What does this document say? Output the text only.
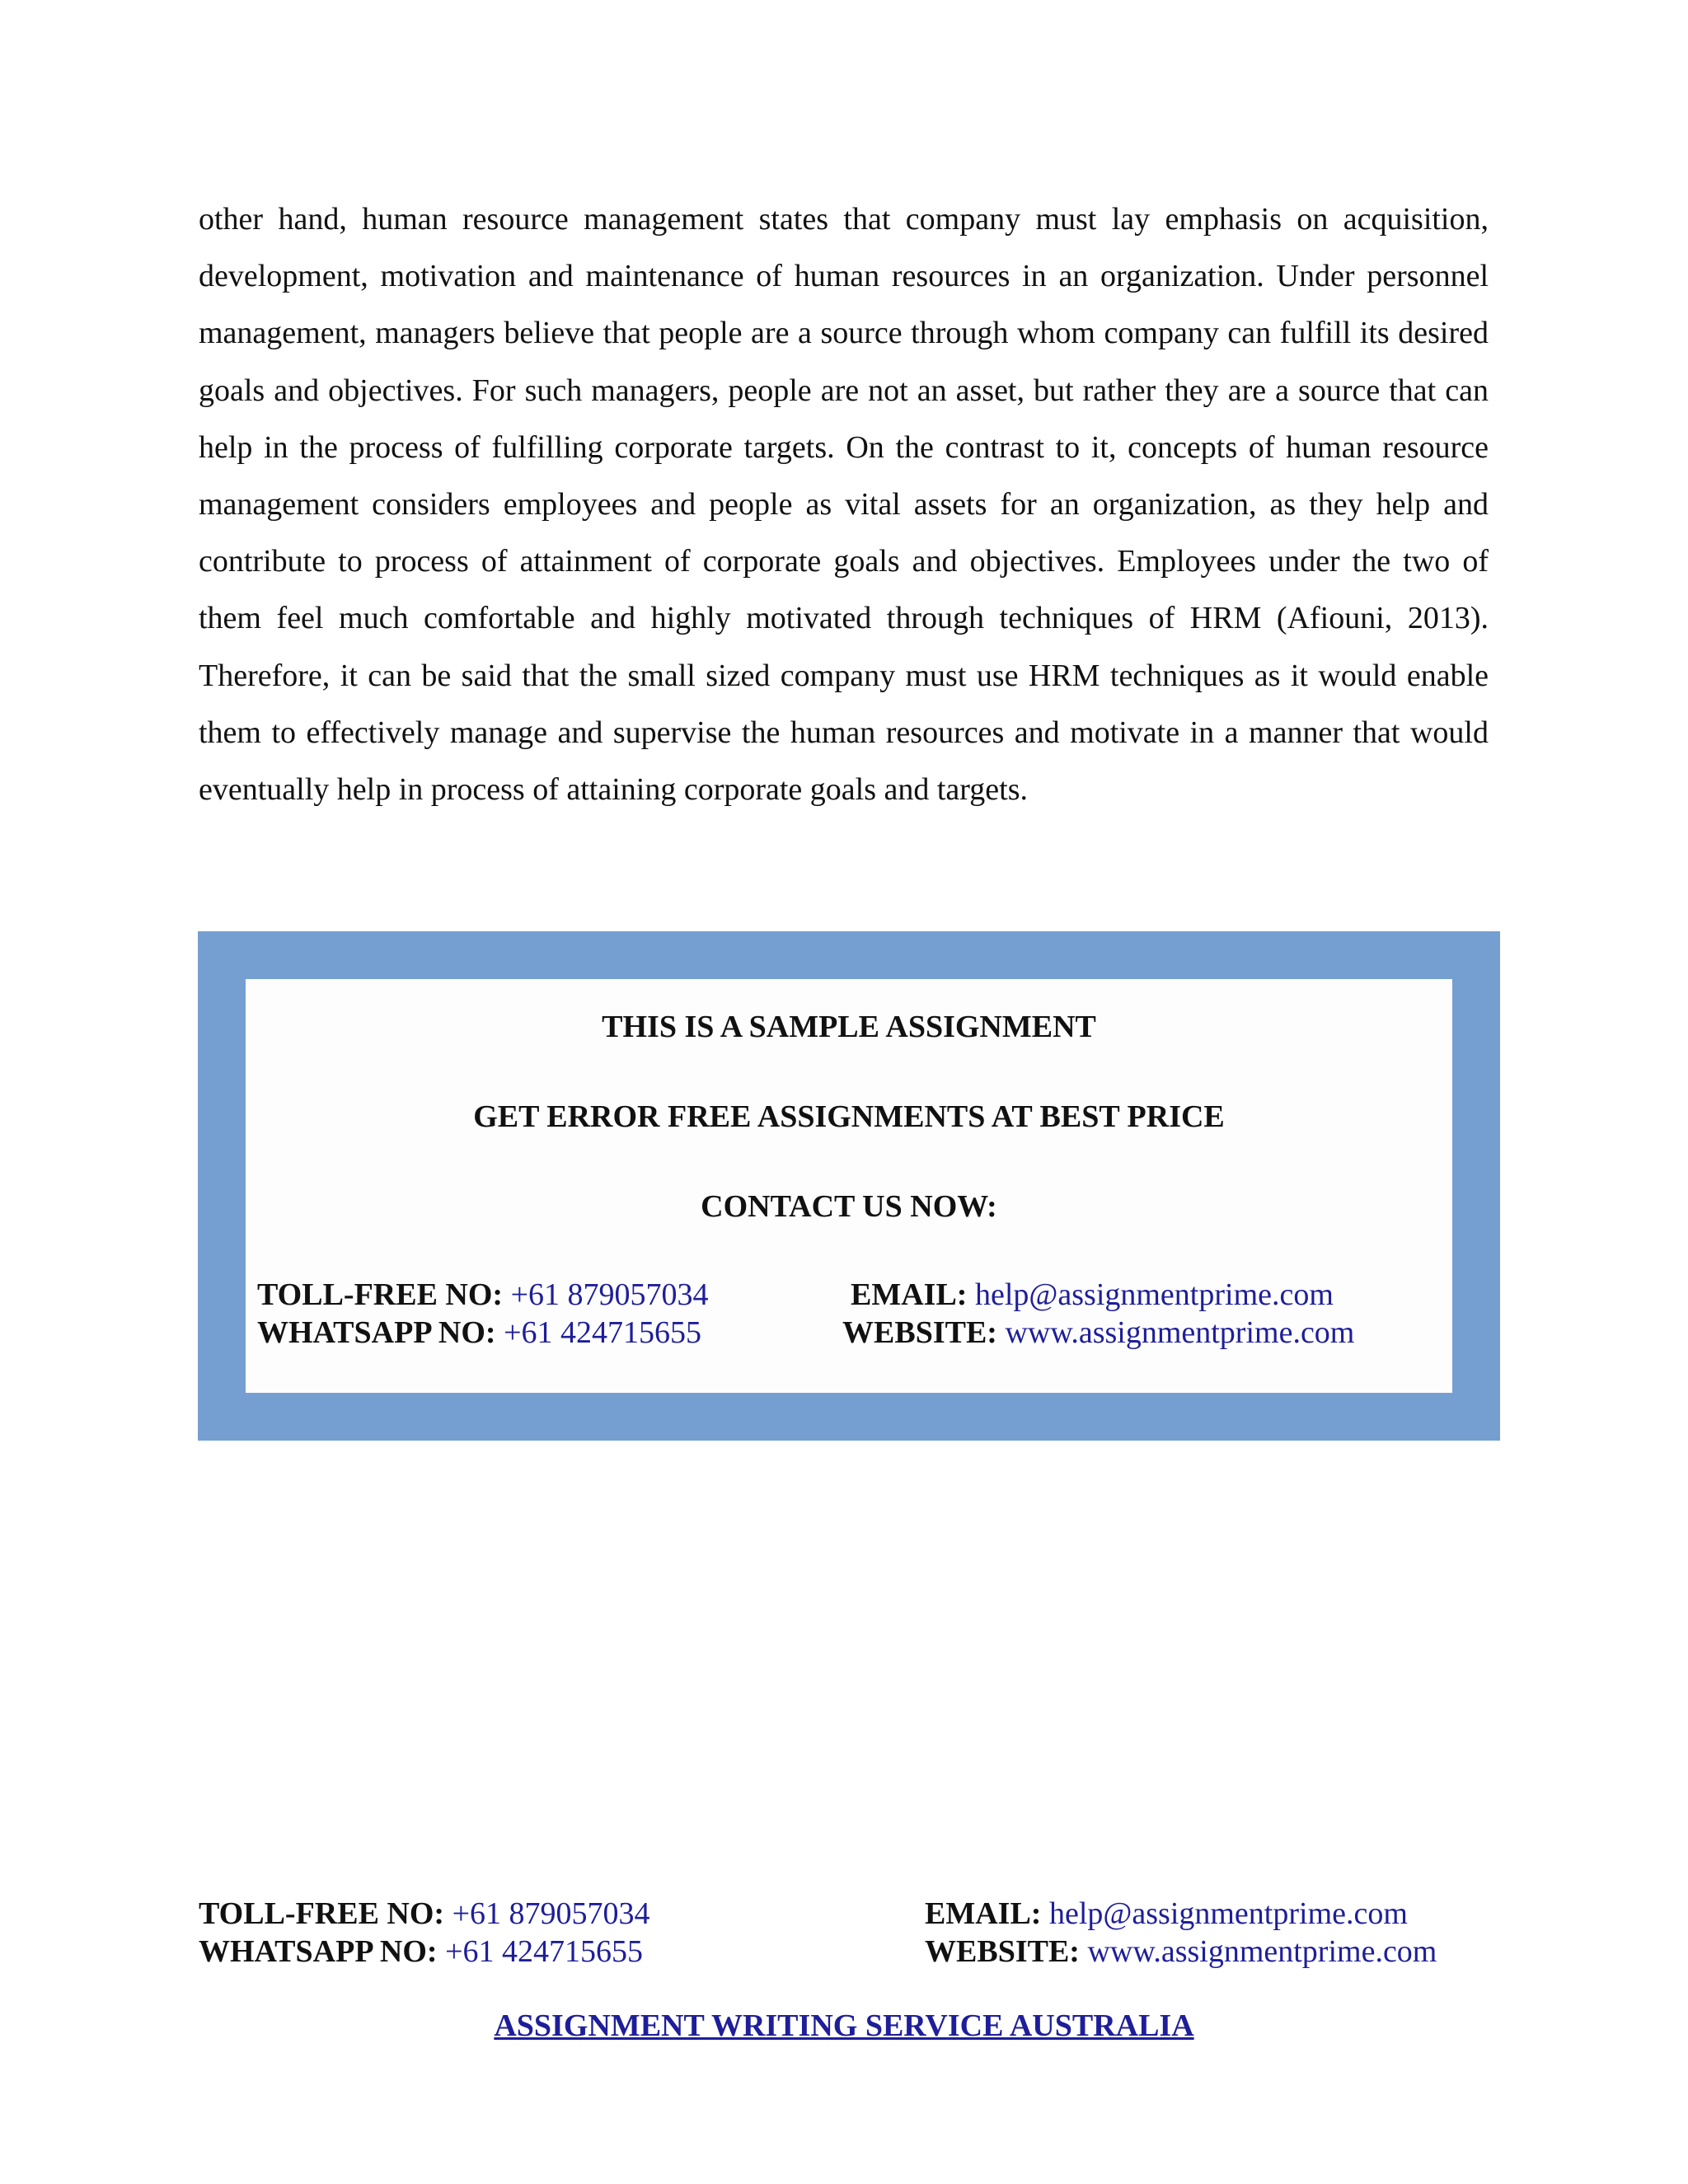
other hand, human resource management states that company must lay emphasis on acquisition, development, motivation and maintenance of human resources in an organization. Under personnel management, managers believe that people are a source through whom company can fulfill its desired goals and objectives. For such managers, people are not an asset, but rather they are a source that can help in the process of fulfilling corporate targets. On the contrast to it, concepts of human resource management considers employees and people as vital assets for an organization, as they help and contribute to process of attainment of corporate goals and objectives. Employees under the two of them feel much comfortable and highly motivated through techniques of HRM (Afiouni, 2013). Therefore, it can be said that the small sized company must use HRM techniques as it would enable them to effectively manage and supervise the human resources and motivate in a manner that would eventually help in process of attaining corporate goals and targets.

THIS IS A SAMPLE ASSIGNMENT

GET ERROR FREE ASSIGNMENTS AT BEST PRICE

CONTACT US NOW:

TOLL-FREE NO: +61 879057034
WHATSAPP NO: +61 424715655
EMAIL: help@assignmentprime.com
WEBSITE: www.assignmentprime.com
TOLL-FREE NO: +61 879057034
WHATSAPP NO: +61 424715655
EMAIL: help@assignmentprime.com
WEBSITE: www.assignmentprime.com

ASSIGNMENT WRITING SERVICE AUSTRALIA
